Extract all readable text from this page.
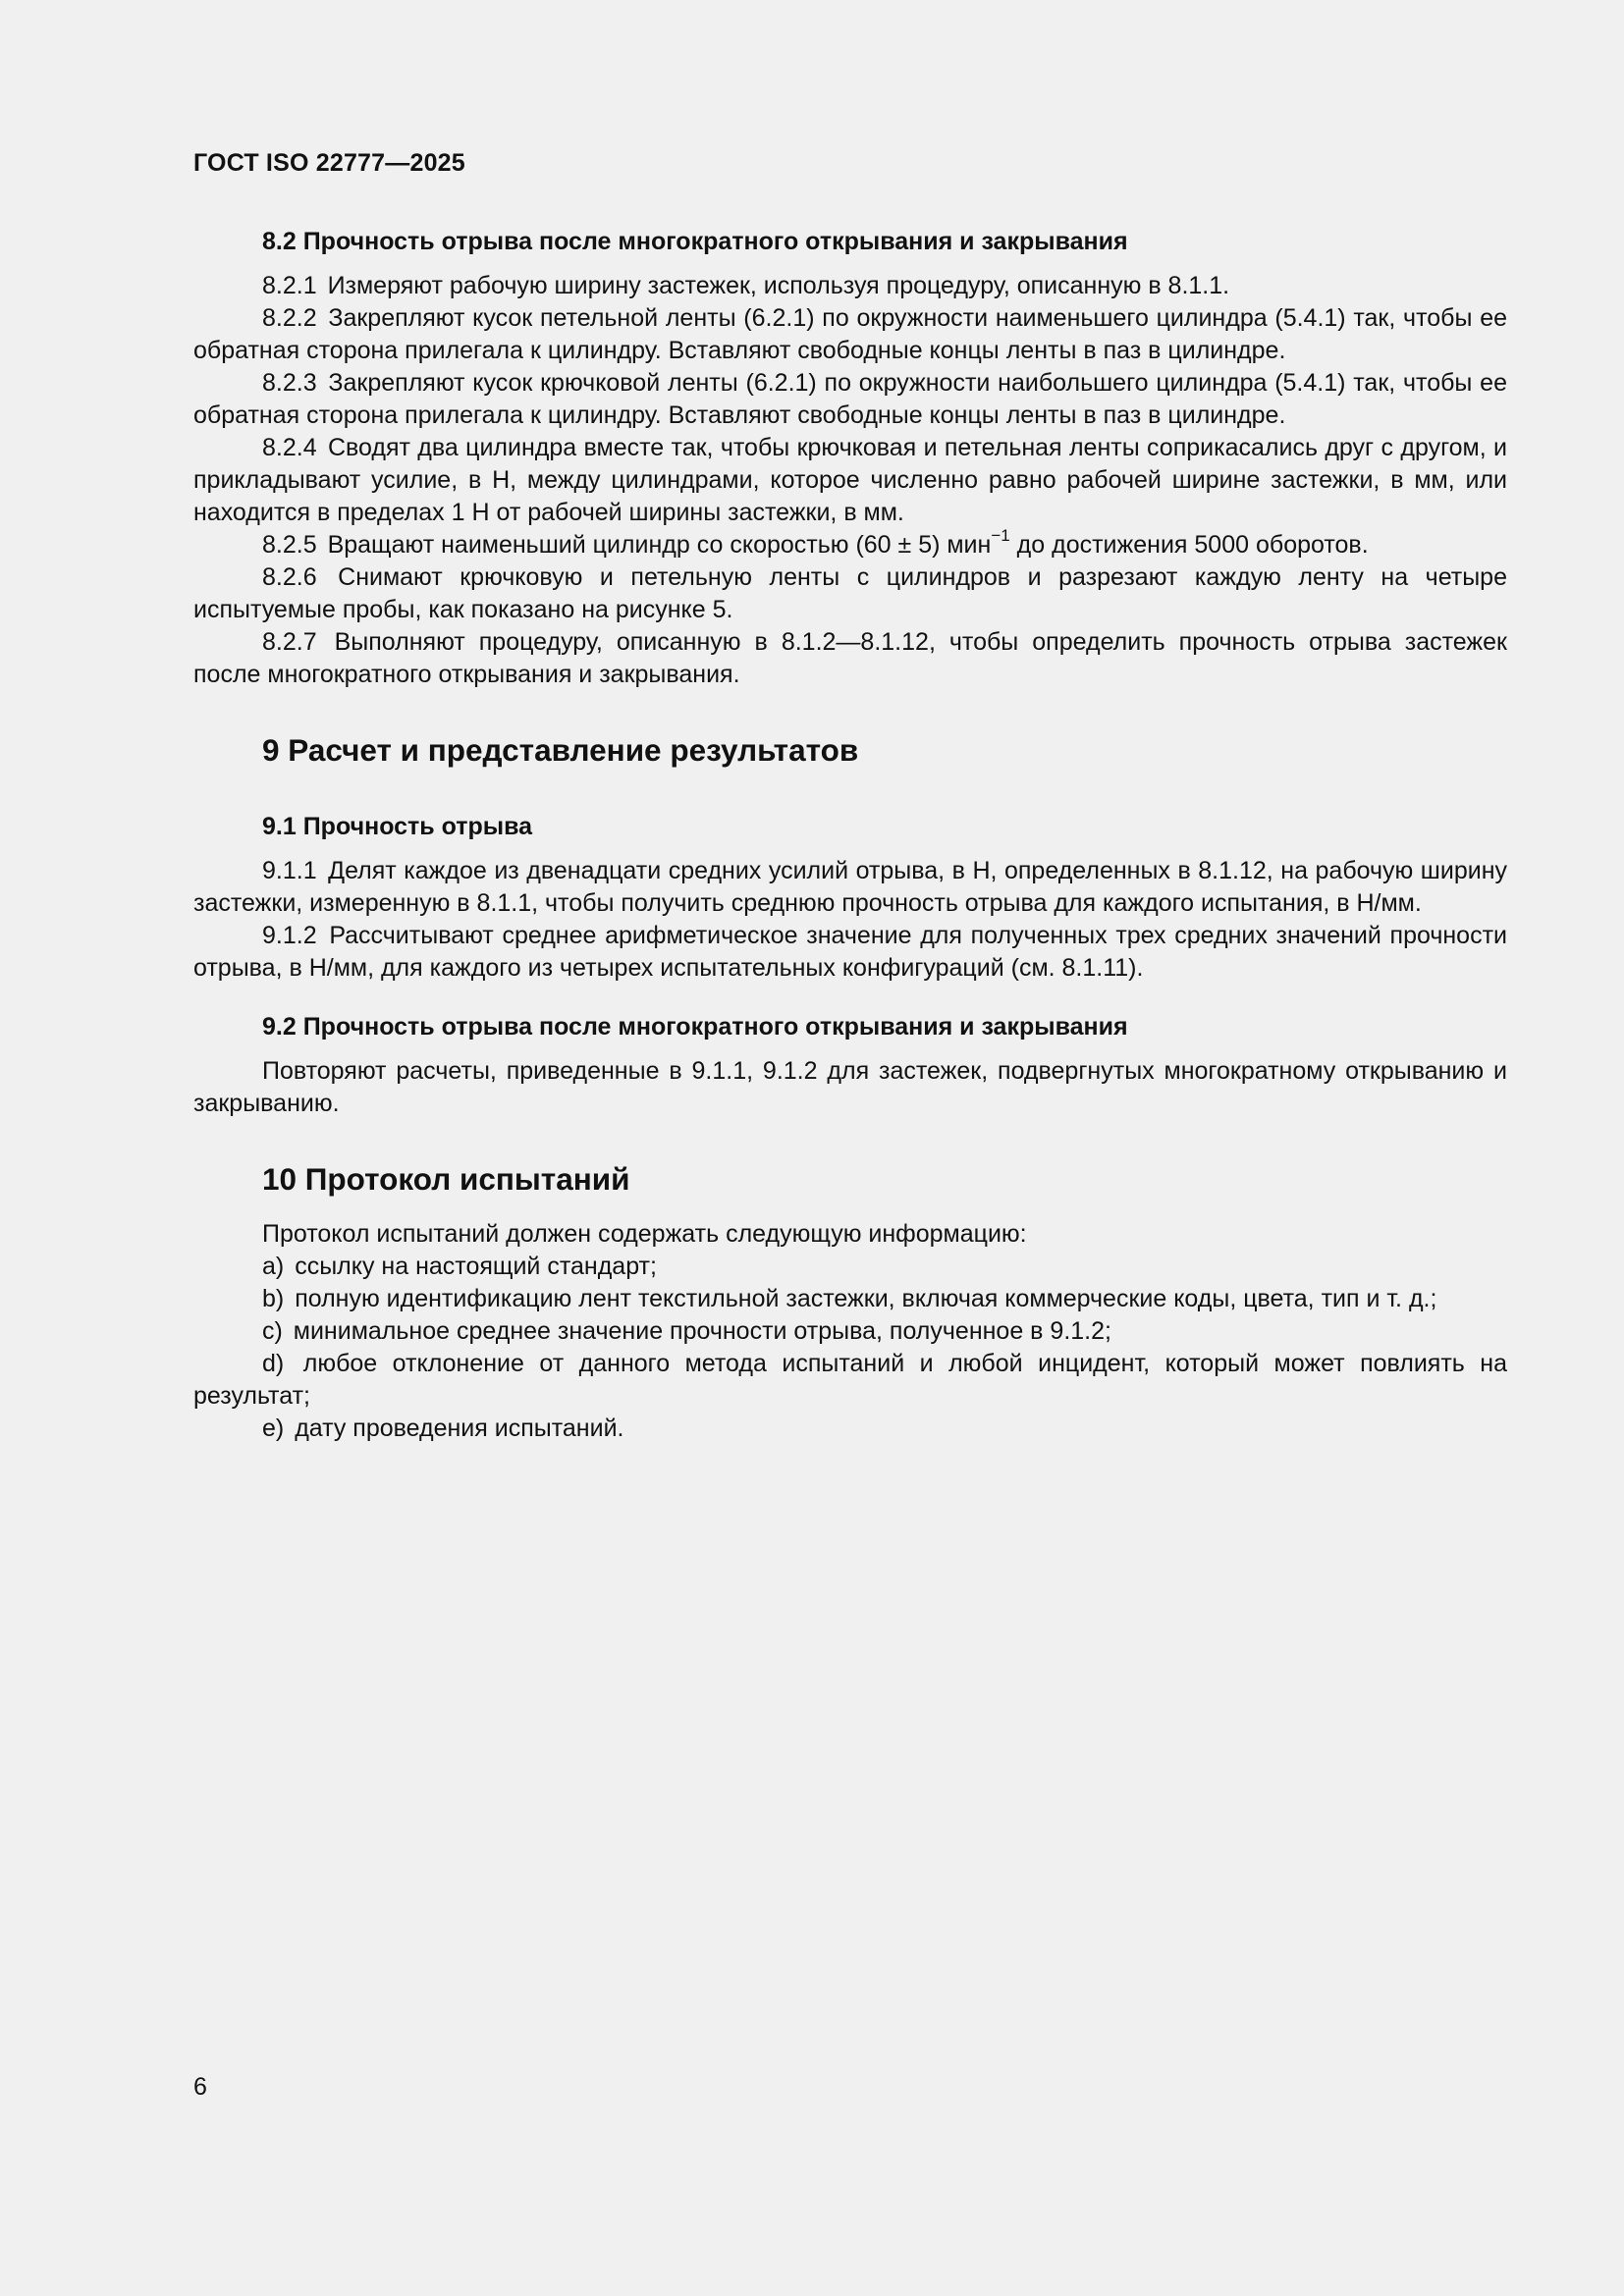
ГОСТ ISO 22777—2025
8.2 Прочность отрыва после многократного открывания и закрывания

8.2.1 Измеряют рабочую ширину застежек, используя процедуру, описанную в 8.1.1.

8.2.2 Закрепляют кусок петельной ленты (6.2.1) по окружности наименьшего цилиндра (5.4.1) так, чтобы ее обратная сторона прилегала к цилиндру. Вставляют свободные концы ленты в паз в цилиндре.

8.2.3 Закрепляют кусок крючковой ленты (6.2.1) по окружности наибольшего цилиндра (5.4.1) так, чтобы ее обратная сторона прилегала к цилиндру. Вставляют свободные концы ленты в паз в цилиндре.

8.2.4 Сводят два цилиндра вместе так, чтобы крючковая и петельная ленты соприкасались друг с другом, и прикладывают усилие, в Н, между цилиндрами, которое численно равно рабочей ширине застежки, в мм, или находится в пределах 1 Н от рабочей ширины застежки, в мм.

8.2.5 Вращают наименьший цилиндр со скоростью (60 ± 5) мин$^{-1}$ до достижения 5000 оборотов.

8.2.6 Снимают крючковую и петельную ленты с цилиндров и разрезают каждую ленту на четыре испытуемые пробы, как показано на рисунке 5.

8.2.7 Выполняют процедуру, описанную в 8.1.2—8.1.12, чтобы определить прочность отрыва застежек после многократного открывания и закрывания.

9 Расчет и представление результатов
9.1 Прочность отрыва

9.1.1 Делят каждое из двенадцати средних усилий отрыва, в Н, определенных в 8.1.12, на рабочую ширину застежки, измеренную в 8.1.1, чтобы получить среднюю прочность отрыва для каждого испытания, в Н/мм.

9.1.2 Рассчитывают среднее арифметическое значение для полученных трех средних значений прочности отрыва, в Н/мм, для каждого из четырех испытательных конфигураций (см. 8.1.11).

9.2 Прочность отрыва после многократного открывания и закрывания

Повторяют расчеты, приведенные в 9.1.1, 9.1.2 для застежек, подвергнутых многократному открыванию и закрыванию.

10 Протокол испытаний

Протокол испытаний должен содержать следующую информацию:

a) ссылку на настоящий стандарт;

b) полную идентификацию лент текстильной застежки, включая коммерческие коды, цвета, тип и т. д.;

c) минимальное среднее значение прочности отрыва, полученное в 9.1.2;

d) любое отклонение от данного метода испытаний и любой инцидент, который может повлиять на результат;

e) дату проведения испытаний.

6
